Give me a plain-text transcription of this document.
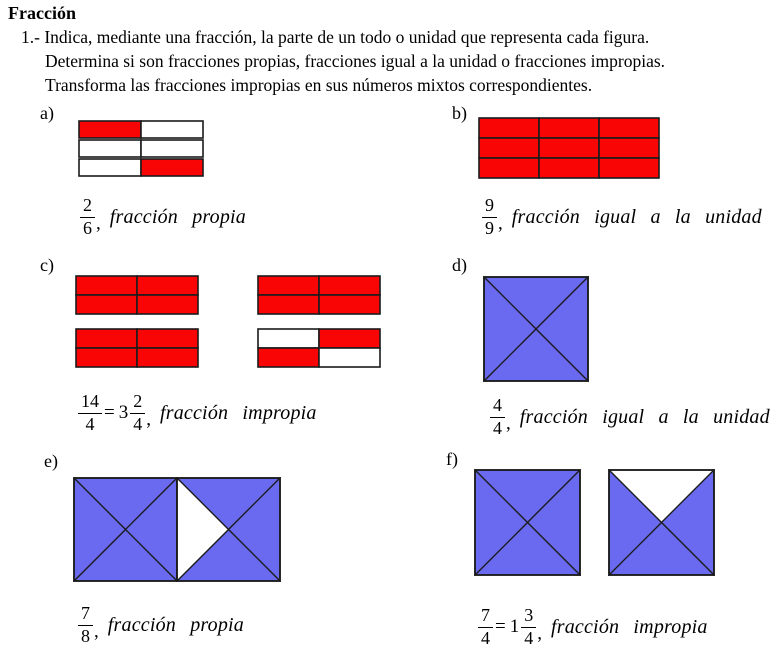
Fracción
1.- Indica, mediante una fracción, la parte de un todo o unidad que representa cada figura.
Determina si son fracciones propias, fracciones igual a la unidad o fracciones impropias.
Transforma las fracciones impropias en sus números mixtos correspondientes.
a)
$\frac{2}{6}$ , fracción propia
b)
$\frac{9}{9}$ , fracción igual a la unidad
c)
$\frac{14}{4} = 3 \frac{2}{4}$ , fracción impropia
d)
$\frac{4}{4}$ , fracción igual a la unidad
e)
$\frac{7}{8}$ , fracción propia
f)
$\frac{7}{4} = 1 \frac{3}{4}$ , fracción impropia
